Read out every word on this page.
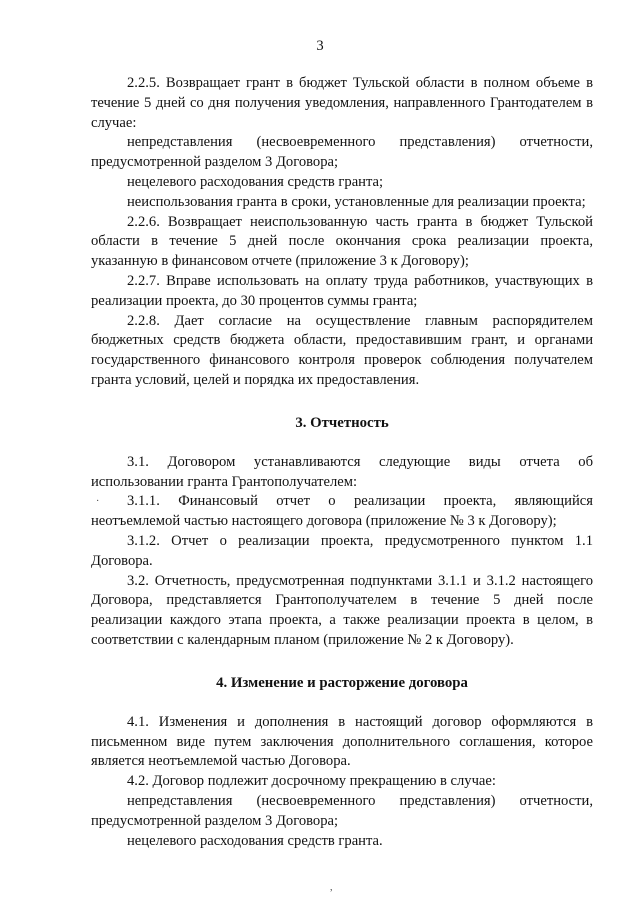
3

2.2.5. Возвращает грант в бюджет Тульской области в полном объеме в течение 5 дней со дня получения уведомления, направленного Грантодателем в случае:

непредставления (несвоевременного представления) отчетности, предусмотренной разделом 3 Договора;

нецелевого расходования средств гранта;

неиспользования гранта в сроки, установленные для реализации проекта;

2.2.6. Возвращает неиспользованную часть гранта в бюджет Тульской области в течение 5 дней после окончания срока реализации проекта, указанную в финансовом отчете (приложение 3 к Договору);

2.2.7. Вправе использовать на оплату труда работников, участвующих в реализации проекта, до 30 процентов суммы гранта;

2.2.8. Дает согласие на осуществление главным распорядителем бюджетных средств бюджета области, предоставившим грант, и органами государственного финансового контроля проверок соблюдения получателем гранта условий, целей и порядка их предоставления.

3. Отчетность

3.1. Договором устанавливаются следующие виды отчета об использовании гранта Грантополучателем:

3.1.1. Финансовый отчет о реализации проекта, являющийся неотъемлемой частью настоящего договора (приложение № 3 к Договору);

3.1.2. Отчет о реализации проекта, предусмотренного пунктом 1.1 Договора.

3.2. Отчетность, предусмотренная подпунктами 3.1.1 и 3.1.2 настоящего Договора, представляется Грантополучателем в течение 5 дней после реализации каждого этапа проекта, а также реализации проекта в целом, в соответствии с календарным планом (приложение № 2 к Договору).

4. Изменение и расторжение договора

4.1. Изменения и дополнения в настоящий договор оформляются в письменном виде путем заключения дополнительного соглашения, которое является неотъемлемой частью Договора.

4.2. Договор подлежит досрочному прекращению в случае:

непредставления (несвоевременного представления) отчетности, предусмотренной разделом 3 Договора;

нецелевого расходования средств гранта.

·
,
